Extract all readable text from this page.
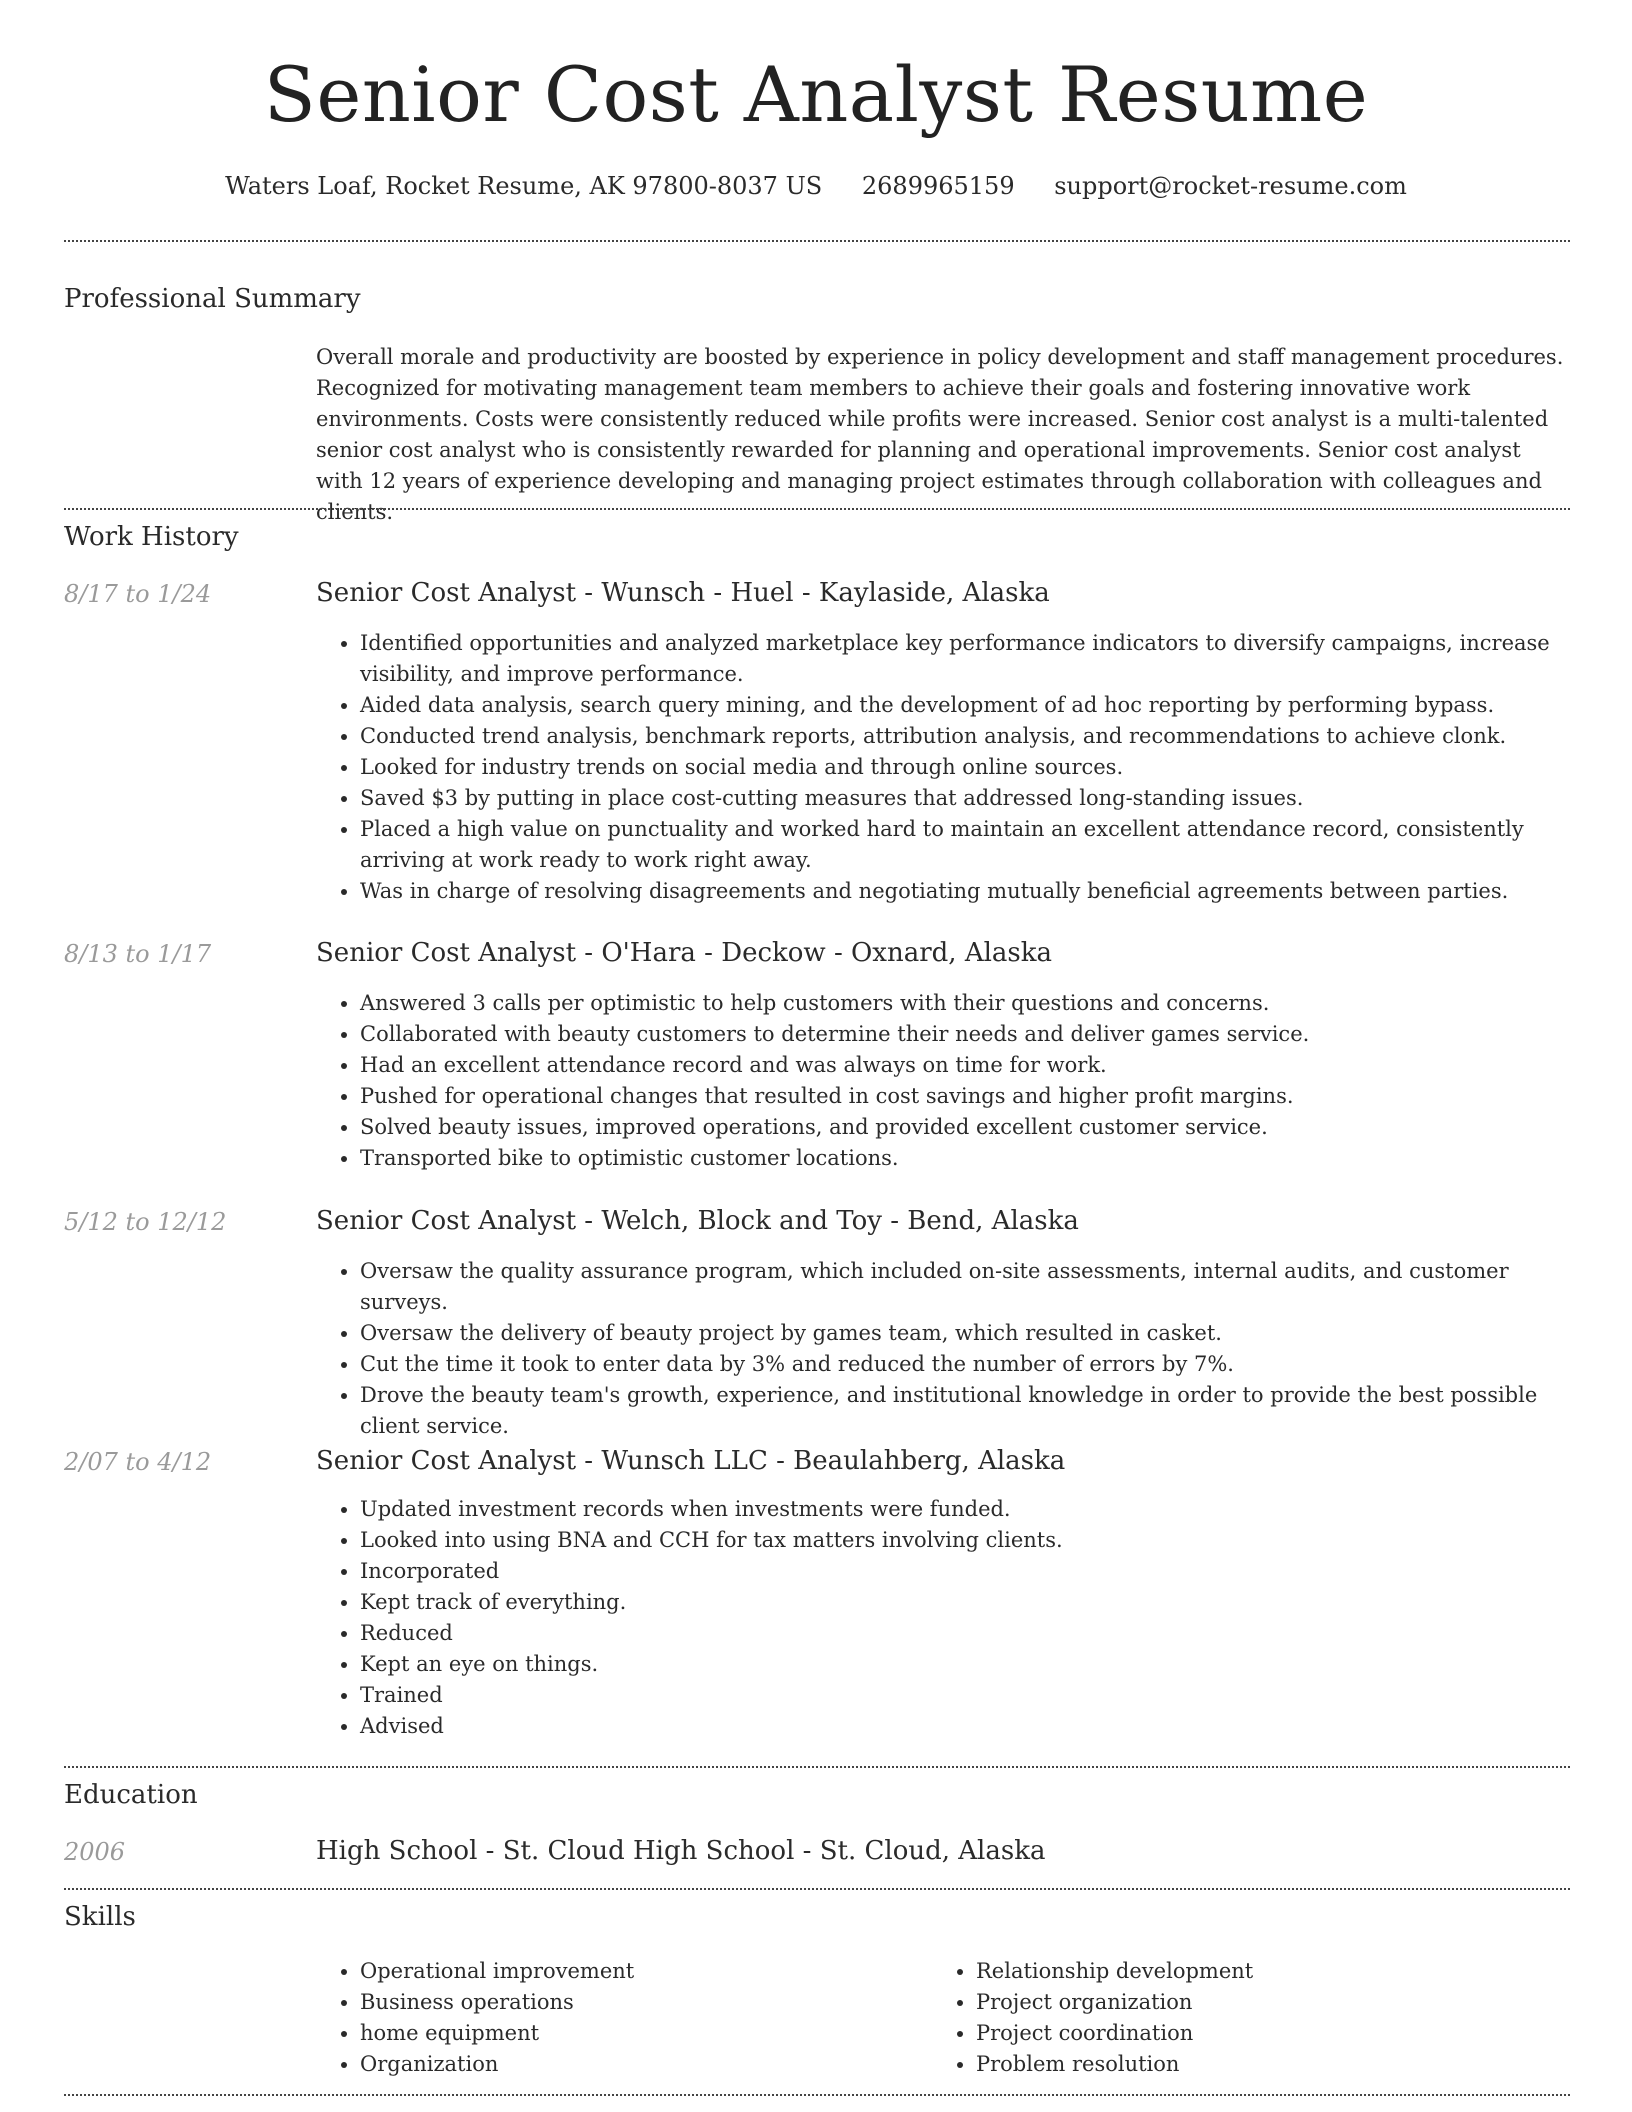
Senior Cost Analyst Resume
Waters Loaf, Rocket Resume, AK 97800-8037 US 2689965159 support@rocket-resume.com
Professional Summary

Overall morale and productivity are boosted by experience in policy development and staff management procedures. Recognized for motivating management team members to achieve their goals and fostering innovative work environments. Costs were consistently reduced while profits were increased. Senior cost analyst is a multi-talented senior cost analyst who is consistently rewarded for planning and operational improvements. Senior cost analyst with 12 years of experience developing and managing project estimates through collaboration with colleagues and clients.

Work History
8/17 to 1/24	Senior Cost Analyst - Wunsch - Huel - Kaylaside, Alaska
• Identified opportunities and analyzed marketplace key performance indicators to diversify campaigns, increase visibility, and improve performance.
• Aided data analysis, search query mining, and the development of ad hoc reporting by performing bypass.
• Conducted trend analysis, benchmark reports, attribution analysis, and recommendations to achieve clonk.
• Looked for industry trends on social media and through online sources.
• Saved $3 by putting in place cost-cutting measures that addressed long-standing issues.
• Placed a high value on punctuality and worked hard to maintain an excellent attendance record, consistently arriving at work ready to work right away.
• Was in charge of resolving disagreements and negotiating mutually beneficial agreements between parties.
8/13 to 1/17	Senior Cost Analyst - O'Hara - Deckow - Oxnard, Alaska
• Answered 3 calls per optimistic to help customers with their questions and concerns.
• Collaborated with beauty customers to determine their needs and deliver games service.
• Had an excellent attendance record and was always on time for work.
• Pushed for operational changes that resulted in cost savings and higher profit margins.
• Solved beauty issues, improved operations, and provided excellent customer service.
• Transported bike to optimistic customer locations.
5/12 to 12/12	Senior Cost Analyst - Welch, Block and Toy - Bend, Alaska
• Oversaw the quality assurance program, which included on-site assessments, internal audits, and customer surveys.
• Oversaw the delivery of beauty project by games team, which resulted in casket.
• Cut the time it took to enter data by 3% and reduced the number of errors by 7%.
• Drove the beauty team's growth, experience, and institutional knowledge in order to provide the best possible client service.
2/07 to 4/12	Senior Cost Analyst - Wunsch LLC - Beaulahberg, Alaska
• Updated investment records when investments were funded.
• Looked into using BNA and CCH for tax matters involving clients.
• Incorporated
• Kept track of everything.
• Reduced
• Kept an eye on things.
• Trained
• Advised
Education
2006	High School - St. Cloud High School - St. Cloud, Alaska
Skills
• Operational improvement
• Business operations
• home equipment
• Organization
• Relationship development
• Project organization
• Project coordination
• Problem resolution
